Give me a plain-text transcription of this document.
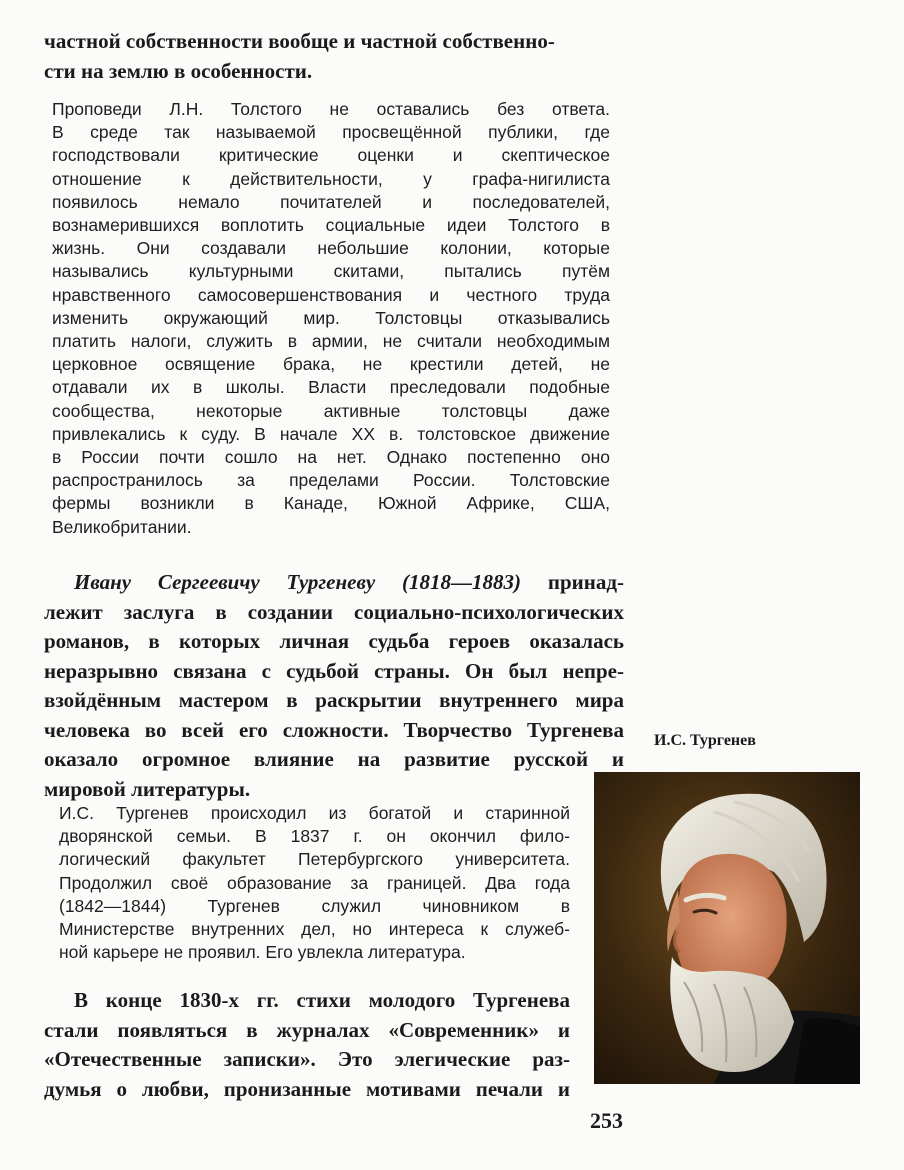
частной собственности вообще и частной собственно-
сти на землю в особенности.
Проповеди Л.Н. Толстого не оставались без ответа.
В среде так называемой просвещённой публики, где
господствовали критические оценки и скептическое
отношение к действительности, у графа-нигилиста
появилось немало почитателей и последователей,
вознамерившихся воплотить социальные идеи Толстого в
жизнь. Они создавали небольшие колонии, которые
назывались культурными скитами, пытались путём
нравственного самосовершенствования и честного труда
изменить окружающий мир. Толстовцы отказывались
платить налоги, служить в армии, не считали необходимым
церковное освящение брака, не крестили детей, не
отдавали их в школы. Власти преследовали подобные
сообщества, некоторые активные толстовцы даже
привлекались к суду. В начале XX в. толстовское движение
в России почти сошло на нет. Однако постепенно оно
распространилось за пределами России. Толстовские
фермы возникли в Канаде, Южной Африке, США,
Великобритании.
Ивану Сергеевичу Тургеневу (1818—1883) принад-
лежит заслуга в создании социально-психологических
романов, в которых личная судьба героев оказалась
неразрывно связана с судьбой страны. Он был непре-
взойдённым мастером в раскрытии внутреннего мира
человека во всей его сложности. Творчество Тургенева
оказало огромное влияние на развитие русской и
мировой литературы.
И.С. Тургенев
И.С. Тургенев происходил из богатой и старинной
дворянской семьи. В 1837 г. он окончил фило-
логический факультет Петербургского университета.
Продолжил своё образование за границей. Два года
(1842—1844) Тургенев служил чиновником в
Министерстве внутренних дел, но интереса к служеб-
ной карьере не проявил. Его увлекла литература.
В конце 1830-х гг. стихи молодого Тургенева
стали появляться в журналах «Современник» и
«Отечественные записки». Это элегические раз-
думья о любви, пронизанные мотивами печали и
253
